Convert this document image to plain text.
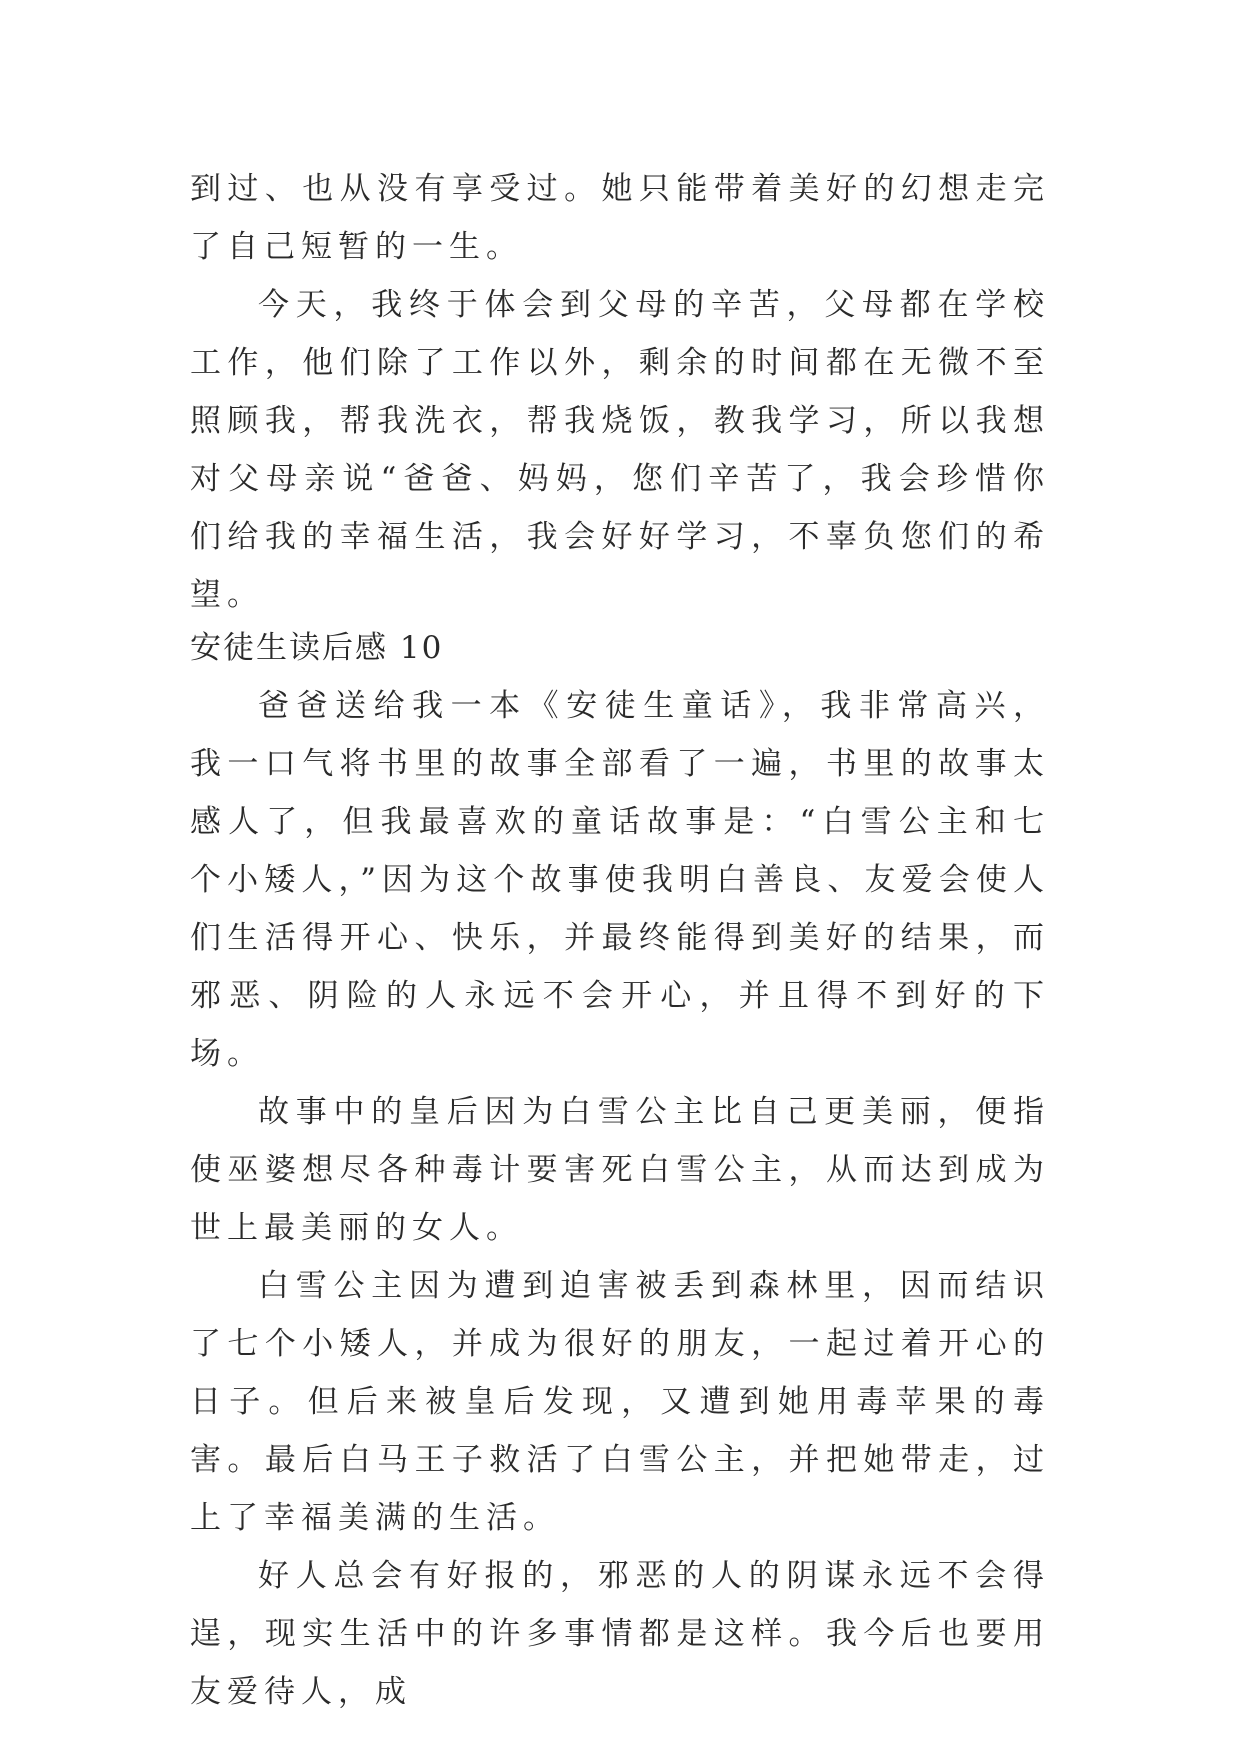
到过、也从没有享受过。她只能带着美好的幻想走完了自己短暂的一生。

今天，我终于体会到父母的辛苦，父母都在学校工作，他们除了工作以外，剩余的时间都在无微不至照顾我，帮我洗衣，帮我烧饭，教我学习，所以我想对父母亲说“爸爸、妈妈，您们辛苦了，我会珍惜你们给我的幸福生活，我会好好学习，不辜负您们的希望。

安徒生读后感 10

爸爸送给我一本《安徒生童话》，我非常高兴，我一口气将书里的故事全部看了一遍，书里的故事太感人了，但我最喜欢的童话故事是：“白雪公主和七个小矮人，”因为这个故事使我明白善良、友爱会使人们生活得开心、快乐，并最终能得到美好的结果，而邪恶、阴险的人永远不会开心，并且得不到好的下场。

故事中的皇后因为白雪公主比自己更美丽，便指使巫婆想尽各种毒计要害死白雪公主，从而达到成为世上最美丽的女人。

白雪公主因为遭到迫害被丢到森林里，因而结识了七个小矮人，并成为很好的朋友，一起过着开心的日子。但后来被皇后发现，又遭到她用毒苹果的毒害。最后白马王子救活了白雪公主，并把她带走，过上了幸福美满的生活。

好人总会有好报的，邪恶的人的阴谋永远不会得逞，现实生活中的许多事情都是这样。我今后也要用友爱待人，成
